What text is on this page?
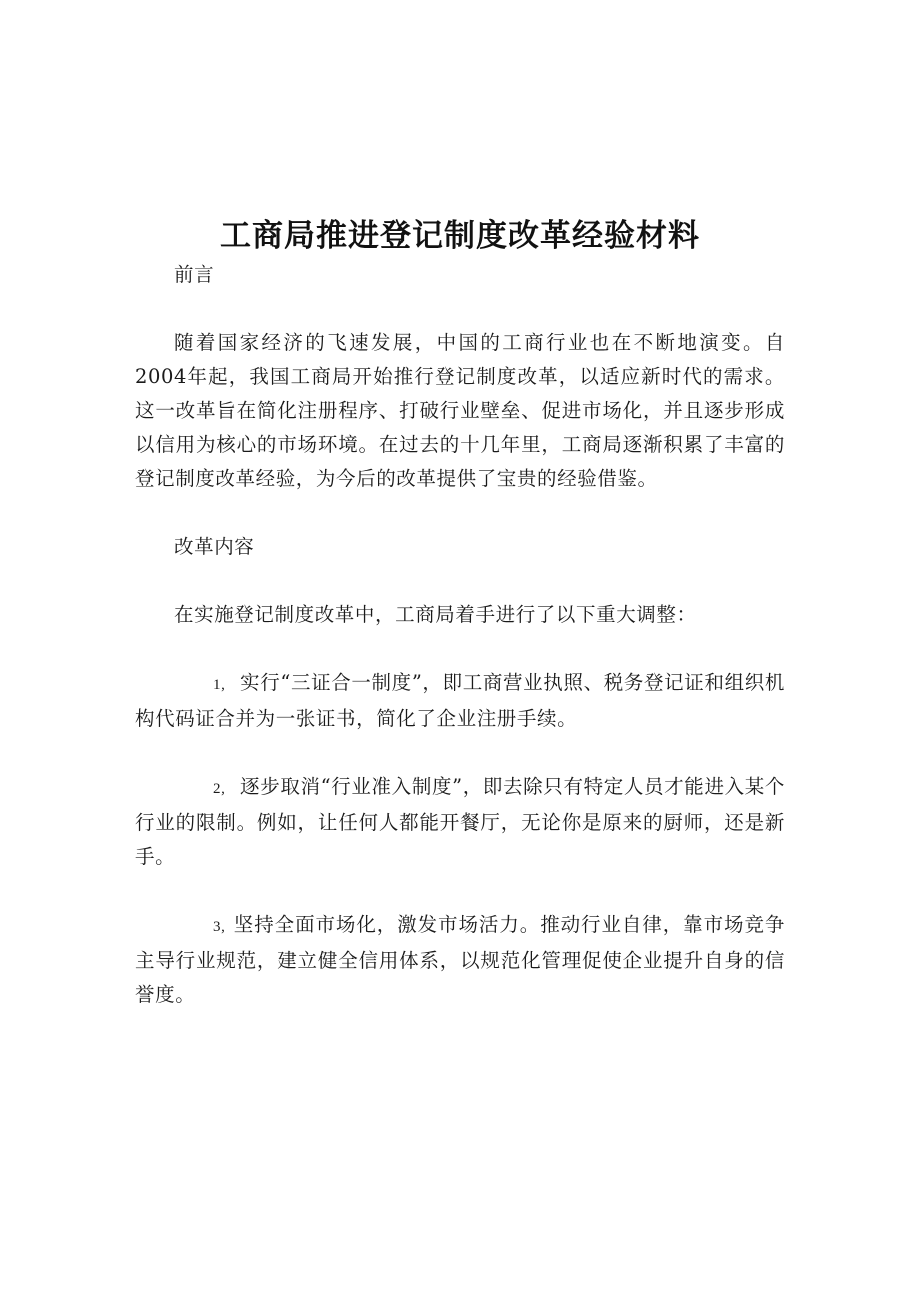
工商局推进登记制度改革经验材料

前言

随着国家经济的飞速发展，中国的工商行业也在不断地演变。自2004年起，我国工商局开始推行登记制度改革，以适应新时代的需求。这一改革旨在简化注册程序、打破行业壁垒、促进市场化，并且逐步形成以信用为核心的市场环境。在过去的十几年里，工商局逐渐积累了丰富的登记制度改革经验，为今后的改革提供了宝贵的经验借鉴。

改革内容

在实施登记制度改革中，工商局着手进行了以下重大调整：

1, 实行“三证合一制度”，即工商营业执照、税务登记证和组织机构代码证合并为一张证书，简化了企业注册手续。

2, 逐步取消“行业准入制度”，即去除只有特定人员才能进入某个行业的限制。例如，让任何人都能开餐厅，无论你是原来的厨师，还是新手。

3, 坚持全面市场化，激发市场活力。推动行业自律，靠市场竞争主导行业规范，建立健全信用体系，以规范化管理促使企业提升自身的信誉度。
